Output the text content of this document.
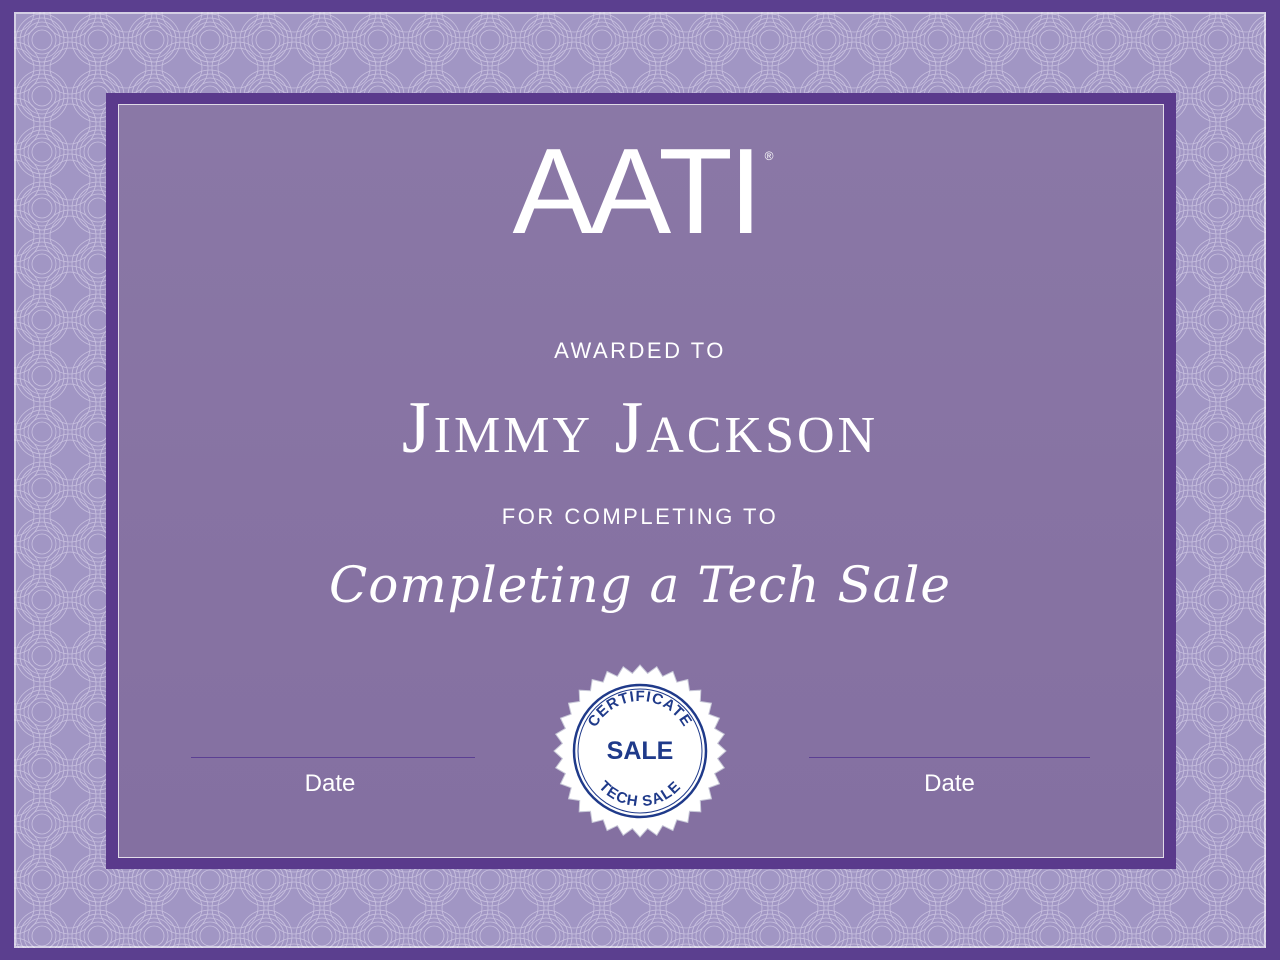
AATI ®
AWARDED TO
Jimmy Jackson
FOR COMPLETING TO
Completing a Tech Sale
Date	Date
CERTIFICATE
SALE
TECH SALE
